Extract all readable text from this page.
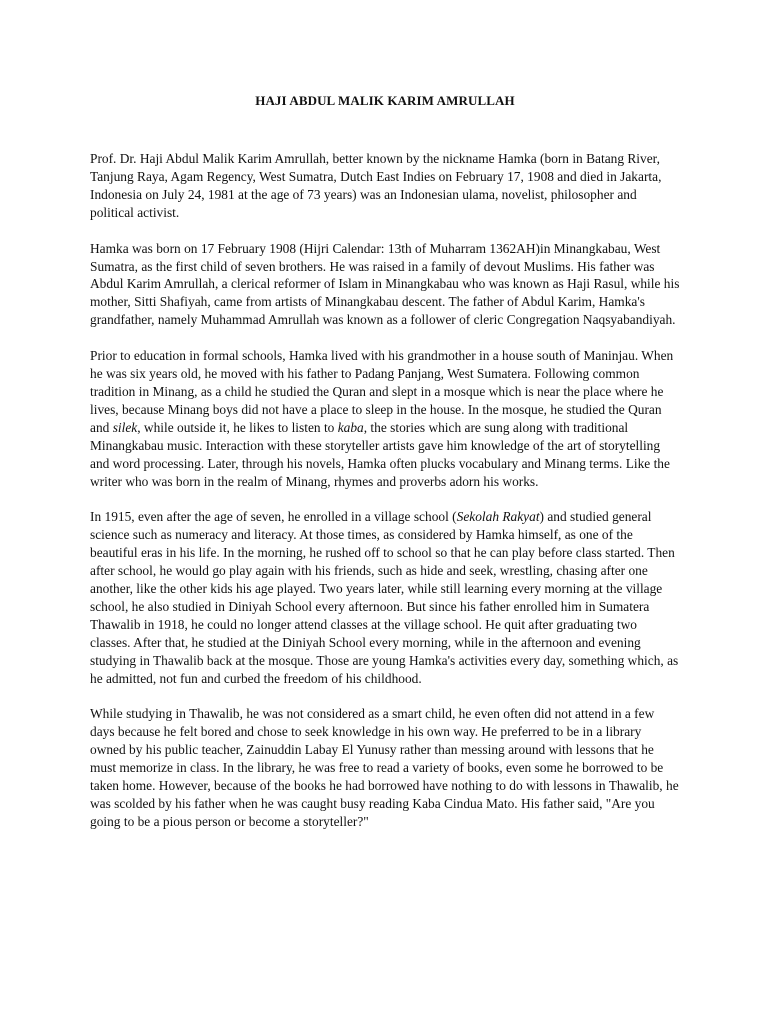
HAJI ABDUL MALIK KARIM AMRULLAH

Prof. Dr. Haji Abdul Malik Karim Amrullah, better known by the nickname Hamka (born in Batang River, Tanjung Raya, Agam Regency, West Sumatra, Dutch East Indies on February 17, 1908 and died in Jakarta, Indonesia on July 24, 1981 at the age of 73 years) was an Indonesian ulama, novelist, philosopher and political activist.

Hamka was born on 17 February 1908 (Hijri Calendar: 13th of Muharram 1362AH)in Minangkabau, West Sumatra, as the first child of seven brothers. He was raised in a family of devout Muslims. His father was Abdul Karim Amrullah, a clerical reformer of Islam in Minangkabau who was known as Haji Rasul, while his mother, Sitti Shafiyah, came from artists of Minangkabau descent. The father of Abdul Karim, Hamka's grandfather, namely Muhammad Amrullah was known as a follower of cleric Congregation Naqsyabandiyah.

Prior to education in formal schools, Hamka lived with his grandmother in a house south of Maninjau. When he was six years old, he moved with his father to Padang Panjang, West Sumatera. Following common tradition in Minang, as a child he studied the Quran and slept in a mosque which is near the place where he lives, because Minang boys did not have a place to sleep in the house. In the mosque, he studied the Quran and silek, while outside it, he likes to listen to kaba, the stories which are sung along with traditional Minangkabau music. Interaction with these storyteller artists gave him knowledge of the art of storytelling and word processing. Later, through his novels, Hamka often plucks vocabulary and Minang terms. Like the writer who was born in the realm of Minang, rhymes and proverbs adorn his works.

In 1915, even after the age of seven, he enrolled in a village school (Sekolah Rakyat) and studied general science such as numeracy and literacy. At those times, as considered by Hamka himself, as one of the beautiful eras in his life. In the morning, he rushed off to school so that he can play before class started. Then after school, he would go play again with his friends, such as hide and seek, wrestling, chasing after one another, like the other kids his age played. Two years later, while still learning every morning at the village school, he also studied in Diniyah School every afternoon. But since his father enrolled him in Sumatera Thawalib in 1918, he could no longer attend classes at the village school. He quit after graduating two classes. After that, he studied at the Diniyah School every morning, while in the afternoon and evening studying in Thawalib back at the mosque. Those are young Hamka's activities every day, something which, as he admitted, not fun and curbed the freedom of his childhood.

While studying in Thawalib, he was not considered as a smart child, he even often did not attend in a few days because he felt bored and chose to seek knowledge in his own way. He preferred to be in a library owned by his public teacher, Zainuddin Labay El Yunusy rather than messing around with lessons that he must memorize in class. In the library, he was free to read a variety of books, even some he borrowed to be taken home. However, because of the books he had borrowed have nothing to do with lessons in Thawalib, he was scolded by his father when he was caught busy reading Kaba Cindua Mato. His father said, "Are you going to be a pious person or become a storyteller?"
